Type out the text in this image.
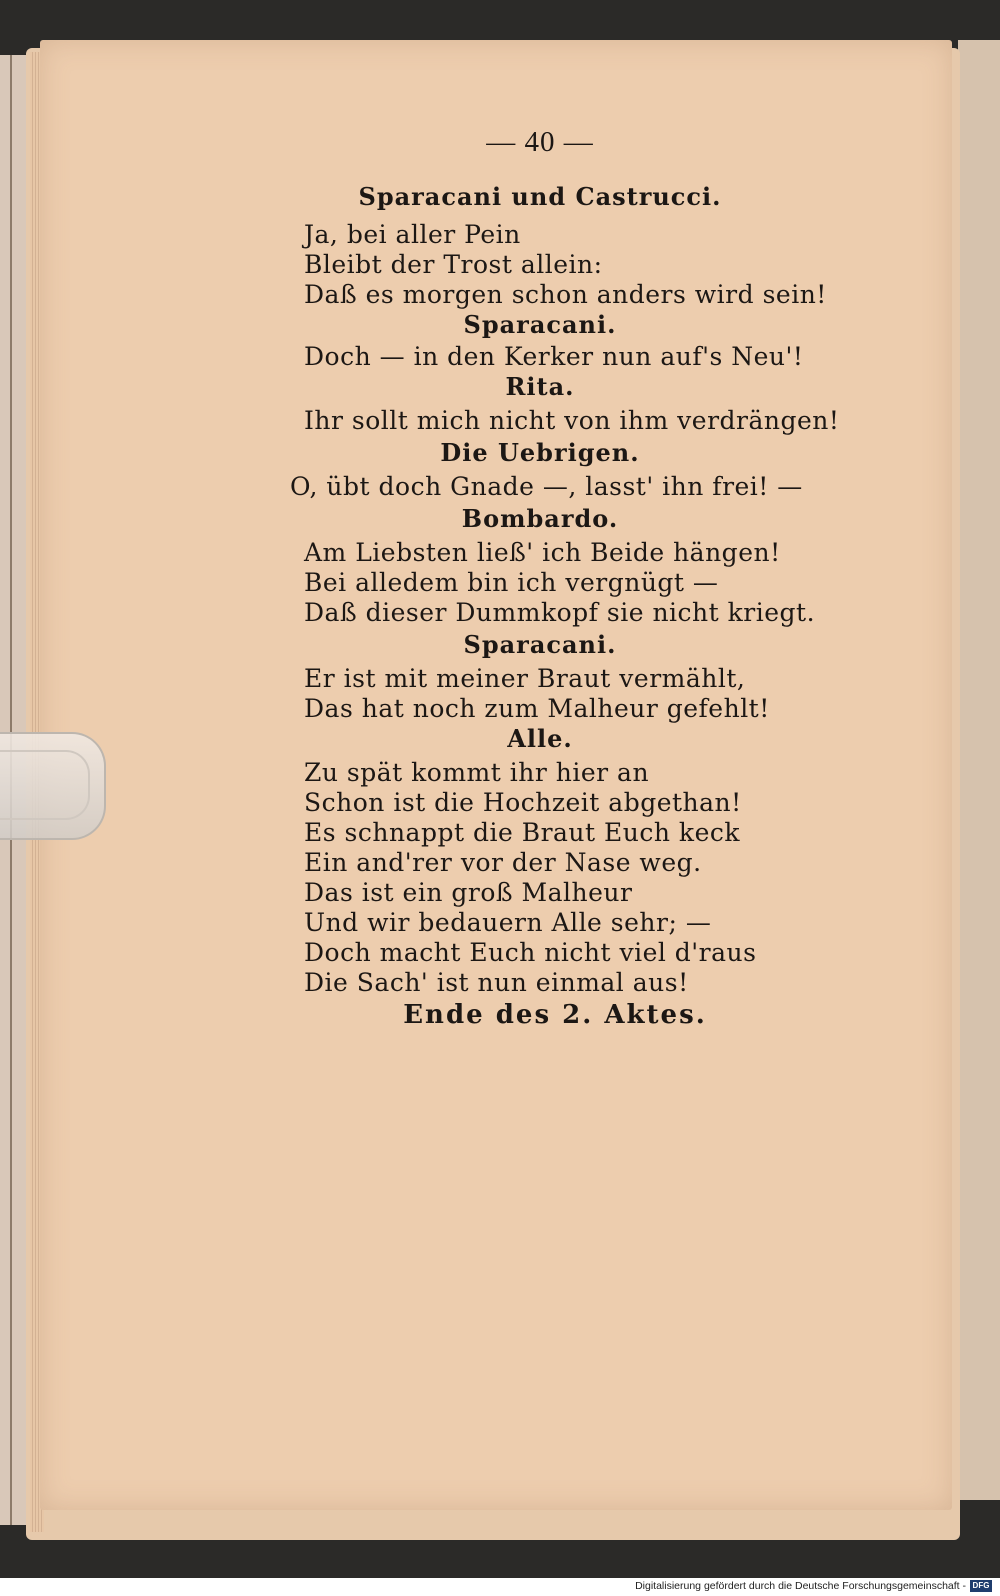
— 40 —
Sparacani und Castrucci.
Ja, bei aller Pein
Bleibt der Trost allein:
Daß es morgen schon anders wird sein!
Sparacani.
Doch — in den Kerker nun auf's Neu'!
Rita.
Ihr sollt mich nicht von ihm verdrängen!
Die Uebrigen.
O, übt doch Gnade —, lasst' ihn frei! —
Bombardo.
Am Liebsten ließ' ich Beide hängen!
Bei alledem bin ich vergnügt —
Daß dieser Dummkopf sie nicht kriegt.
Sparacani.
Er ist mit meiner Braut vermählt,
Das hat noch zum Malheur gefehlt!
Alle.
Zu spät kommt ihr hier an
Schon ist die Hochzeit abgethan!
Es schnappt die Braut Euch keck
Ein and'rer vor der Nase weg.
Das ist ein groß Malheur
Und wir bedauern Alle sehr; —
Doch macht Euch nicht viel d'raus
Die Sach' ist nun einmal aus!
Ende des 2. Aktes.
Digitalisierung gefördert durch die Deutsche Forschungsgemeinschaft - DFG
